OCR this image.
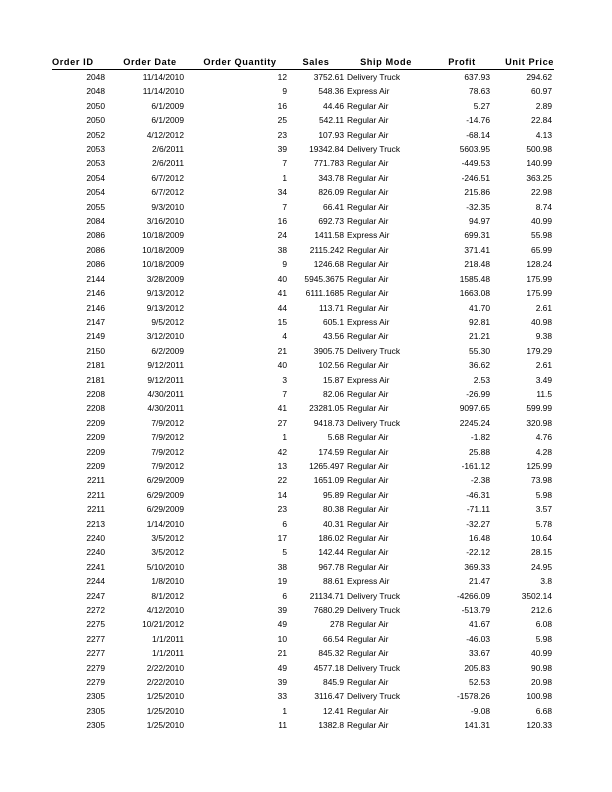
Order ID	Order Date	Order Quantity	Sales	Ship Mode	Profit	Unit Price
2048	11/14/2010	12	3752.61	Delivery Truck	637.93	294.62
2048	11/14/2010	9	548.36	Express Air	78.63	60.97
2050	6/1/2009	16	44.46	Regular Air	5.27	2.89
2050	6/1/2009	25	542.11	Regular Air	-14.76	22.84
2052	4/12/2012	23	107.93	Regular Air	-68.14	4.13
2053	2/6/2011	39	19342.84	Delivery Truck	5603.95	500.98
2053	2/6/2011	7	771.783	Regular Air	-449.53	140.99
2054	6/7/2012	1	343.78	Regular Air	-246.51	363.25
2054	6/7/2012	34	826.09	Regular Air	215.86	22.98
2055	9/3/2010	7	66.41	Regular Air	-32.35	8.74
2084	3/16/2010	16	692.73	Regular Air	94.97	40.99
2086	10/18/2009	24	1411.58	Express Air	699.31	55.98
2086	10/18/2009	38	2115.242	Regular Air	371.41	65.99
2086	10/18/2009	9	1246.68	Regular Air	218.48	128.24
2144	3/28/2009	40	5945.3675	Regular Air	1585.48	175.99
2146	9/13/2012	41	6111.1685	Regular Air	1663.08	175.99
2146	9/13/2012	44	113.71	Regular Air	41.70	2.61
2147	9/5/2012	15	605.1	Express Air	92.81	40.98
2149	3/12/2010	4	43.56	Regular Air	21.21	9.38
2150	6/2/2009	21	3905.75	Delivery Truck	55.30	179.29
2181	9/12/2011	40	102.56	Regular Air	36.62	2.61
2181	9/12/2011	3	15.87	Express Air	2.53	3.49
2208	4/30/2011	7	82.06	Regular Air	-26.99	11.5
2208	4/30/2011	41	23281.05	Regular Air	9097.65	599.99
2209	7/9/2012	27	9418.73	Delivery Truck	2245.24	320.98
2209	7/9/2012	1	5.68	Regular Air	-1.82	4.76
2209	7/9/2012	42	174.59	Regular Air	25.88	4.28
2209	7/9/2012	13	1265.497	Regular Air	-161.12	125.99
2211	6/29/2009	22	1651.09	Regular Air	-2.38	73.98
2211	6/29/2009	14	95.89	Regular Air	-46.31	5.98
2211	6/29/2009	23	80.38	Regular Air	-71.11	3.57
2213	1/14/2010	6	40.31	Regular Air	-32.27	5.78
2240	3/5/2012	17	186.02	Regular Air	16.48	10.64
2240	3/5/2012	5	142.44	Regular Air	-22.12	28.15
2241	5/10/2010	38	967.78	Regular Air	369.33	24.95
2244	1/8/2010	19	88.61	Express Air	21.47	3.8
2247	8/1/2012	6	21134.71	Delivery Truck	-4266.09	3502.14
2272	4/12/2010	39	7680.29	Delivery Truck	-513.79	212.6
2275	10/21/2012	49	278	Regular Air	41.67	6.08
2277	1/1/2011	10	66.54	Regular Air	-46.03	5.98
2277	1/1/2011	21	845.32	Regular Air	33.67	40.99
2279	2/22/2010	49	4577.18	Delivery Truck	205.83	90.98
2279	2/22/2010	39	845.9	Regular Air	52.53	20.98
2305	1/25/2010	33	3116.47	Delivery Truck	-1578.26	100.98
2305	1/25/2010	1	12.41	Regular Air	-9.08	6.68
2305	1/25/2010	11	1382.8	Regular Air	141.31	120.33
